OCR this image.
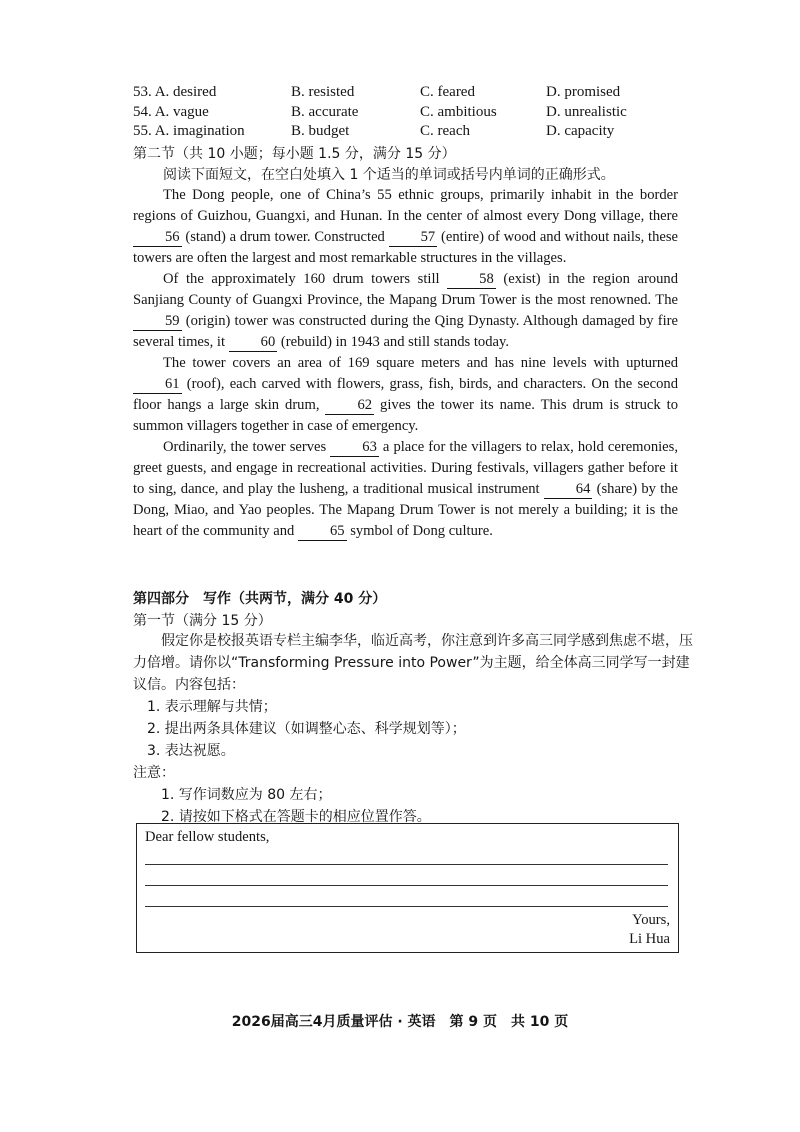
53. A. desired	B. resisted	C. feared	D. promised
54. A. vague	B. accurate	C. ambitious	D. unrealistic
55. A. imagination	B. budget	C. reach	D. capacity
第二节（共 10 小题；每小题 1.5 分，满分 15 分）
阅读下面短文，在空白处填入 1 个适当的单词或括号内单词的正确形式。

The Dong people, one of China’s 55 ethnic groups, primarily inhabit in the border regions of Guizhou, Guangxi, and Hunan. In the center of almost every Dong village, there 56 (stand) a drum tower. Constructed 57 (entire) of wood and without nails, these towers are often the largest and most remarkable structures in the villages.

Of the approximately 160 drum towers still 58 (exist) in the region around Sanjiang County of Guangxi Province, the Mapang Drum Tower is the most renowned. The 59 (origin) tower was constructed during the Qing Dynasty. Although damaged by fire several times, it 60 (rebuild) in 1943 and still stands today.

The tower covers an area of 169 square meters and has nine levels with upturned 61 (roof), each carved with flowers, grass, fish, birds, and characters. On the second floor hangs a large skin drum, 62 gives the tower its name. This drum is struck to summon villagers together in case of emergency.

Ordinarily, the tower serves 63 a place for the villagers to relax, hold ceremonies, greet guests, and engage in recreational activities. During festivals, villagers gather before it to sing, dance, and play the lusheng, a traditional musical instrument 64 (share) by the Dong, Miao, and Yao peoples. The Mapang Drum Tower is not merely a building; it is the heart of the community and 65 symbol of Dong culture.

第四部分　写作（共两节，满分 40 分）
第一节（满分 15 分）

假定你是校报英语专栏主编李华，临近高考，你注意到许多高三同学感到焦虑不堪，压力倍增。请你以“Transforming Pressure into Power”为主题，给全体高三同学写一封建议信。内容包括：

1. 表示理解与共情；

2. 提出两条具体建议（如调整心态、科学规划等）；

3. 表达祝愿。

注意：

1. 写作词数应为 80 左右；

2. 请按如下格式在答题卡的相应位置作答。

Dear fellow students,
Yours,
Li Hua
2026届高三4月质量评估 · 英语　第 9 页　共 10 页
